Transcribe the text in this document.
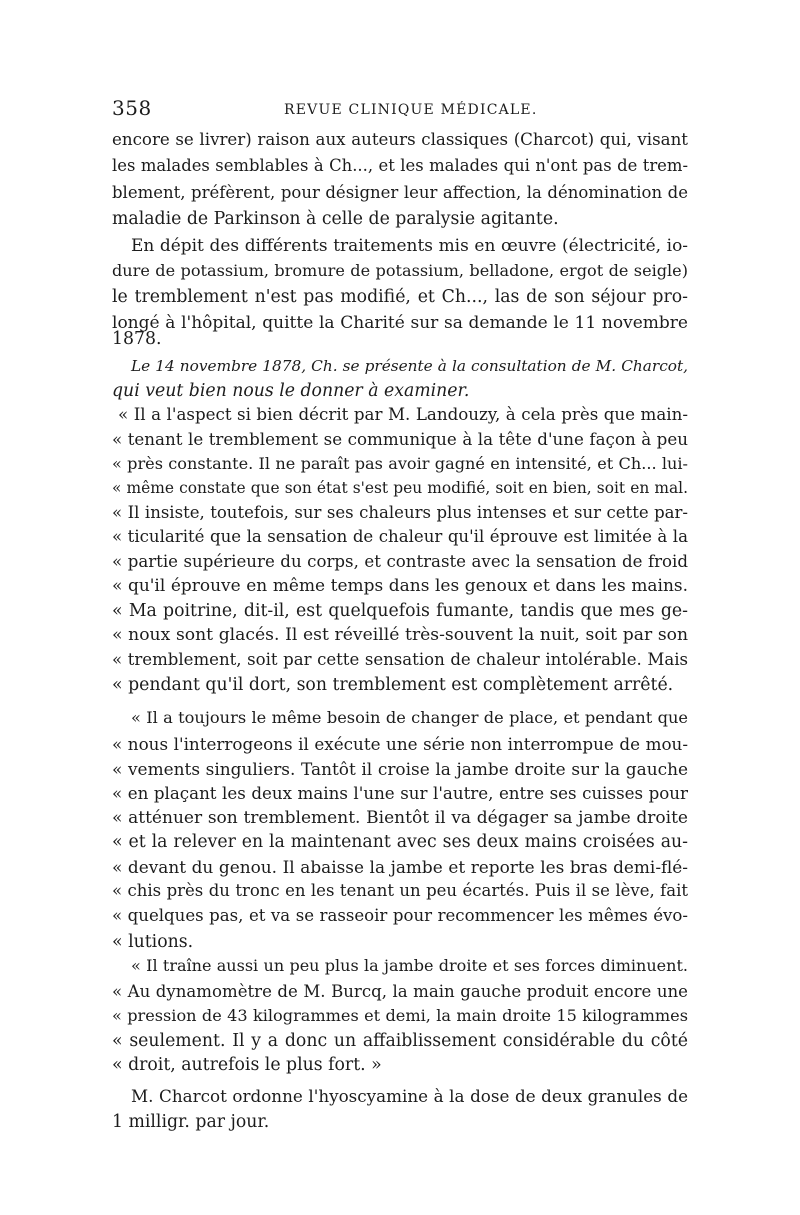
358	REVUE CLINIQUE MÉDICALE.
encore se livrer) raison aux auteurs classiques (Charcot) qui, visant
les malades semblables à Ch..., et les malades qui n'ont pas de trem-
blement, préfèrent, pour désigner leur affection, la dénomination de
maladie de Parkinson à celle de paralysie agitante.
En dépit des différents traitements mis en œuvre (électricité, io-
dure de potassium, bromure de potassium, belladone, ergot de seigle)
le tremblement n'est pas modifié, et Ch..., las de son séjour pro-
longé à l'hôpital, quitte la Charité sur sa demande le 11 novembre
1878.
Le 14 novembre 1878, Ch. se présente à la consultation de M. Charcot,
qui veut bien nous le donner à examiner.
« Il a l'aspect si bien décrit par M. Landouzy, à cela près que main-
« tenant le tremblement se communique à la tête d'une façon à peu
« près constante. Il ne paraît pas avoir gagné en intensité, et Ch... lui-
« même constate que son état s'est peu modifié, soit en bien, soit en mal.
« Il insiste, toutefois, sur ses chaleurs plus intenses et sur cette par-
« ticularité que la sensation de chaleur qu'il éprouve est limitée à la
« partie supérieure du corps, et contraste avec la sensation de froid
« qu'il éprouve en même temps dans les genoux et dans les mains.
« Ma poitrine, dit-il, est quelquefois fumante, tandis que mes ge-
« noux sont glacés. Il est réveillé très-souvent la nuit, soit par son
« tremblement, soit par cette sensation de chaleur intolérable. Mais
« pendant qu'il dort, son tremblement est complètement arrêté.
« Il a toujours le même besoin de changer de place, et pendant que
« nous l'interrogeons il exécute une série non interrompue de mou-
« vements singuliers. Tantôt il croise la jambe droite sur la gauche
« en plaçant les deux mains l'une sur l'autre, entre ses cuisses pour
« atténuer son tremblement. Bientôt il va dégager sa jambe droite
« et la relever en la maintenant avec ses deux mains croisées au-
« devant du genou. Il abaisse la jambe et reporte les bras demi-flé-
« chis près du tronc en les tenant un peu écartés. Puis il se lève, fait
« quelques pas, et va se rasseoir pour recommencer les mêmes évo-
« lutions.
« Il traîne aussi un peu plus la jambe droite et ses forces diminuent.
« Au dynamomètre de M. Burcq, la main gauche produit encore une
« pression de 43 kilogrammes et demi, la main droite 15 kilogrammes
« seulement. Il y a donc un affaiblissement considérable du côté
« droit, autrefois le plus fort. »
M. Charcot ordonne l'hyoscyamine à la dose de deux granules de
1 milligr. par jour.
